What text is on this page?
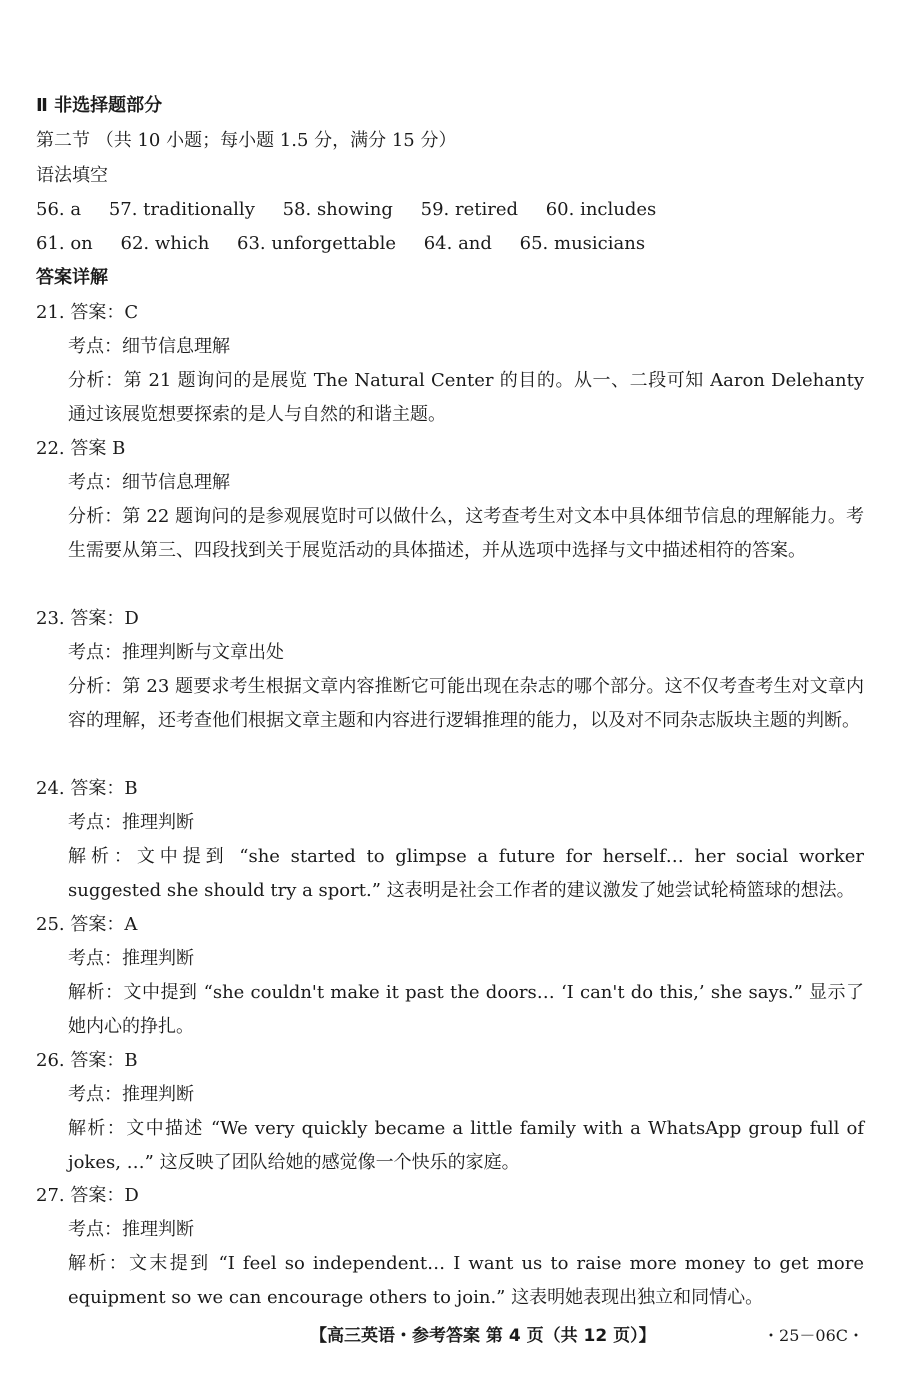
Ⅱ 非选择题部分
第二节 （共 10 小题；每小题 1.5 分，满分 15 分）
语法填空
56. a 57. traditionally 58. showing 59. retired 60. includes
61. on 62. which 63. unforgettable 64. and 65. musicians
答案详解
21. 答案：C
考点：细节信息理解
分析：第 21 题询问的是展览 The Natural Center 的目的。从一、二段可知 Aaron Delehanty 通过该展览想要探索的是人与自然的和谐主题。
22. 答案 B
考点：细节信息理解
分析：第 22 题询问的是参观展览时可以做什么，这考查考生对文本中具体细节信息的理解能力。考生需要从第三、四段找到关于展览活动的具体描述，并从选项中选择与文中描述相符的答案。
23. 答案：D
考点：推理判断与文章出处
分析：第 23 题要求考生根据文章内容推断它可能出现在杂志的哪个部分。这不仅考查考生对文章内容的理解，还考查他们根据文章主题和内容进行逻辑推理的能力，以及对不同杂志版块主题的判断。
24. 答案：B
考点：推理判断
解析：文中提到 “she started to glimpse a future for herself… her social worker suggested she should try a sport.” 这表明是社会工作者的建议激发了她尝试轮椅篮球的想法。
25. 答案：A
考点：推理判断
解析：文中提到 “she couldn't make it past the doors… ‘I can't do this,’ she says.” 显示了她内心的挣扎。
26. 答案：B
考点：推理判断
解析：文中描述 “We very quickly became a little family with a WhatsApp group full of jokes, …” 这反映了团队给她的感觉像一个快乐的家庭。
27. 答案：D
考点：推理判断
解析：文末提到 “I feel so independent… I want us to raise more money to get more equipment so we can encourage others to join.” 这表明她表现出独立和同情心。
【高三英语・参考答案 第 4 页（共 12 页）】	・25－06C・
